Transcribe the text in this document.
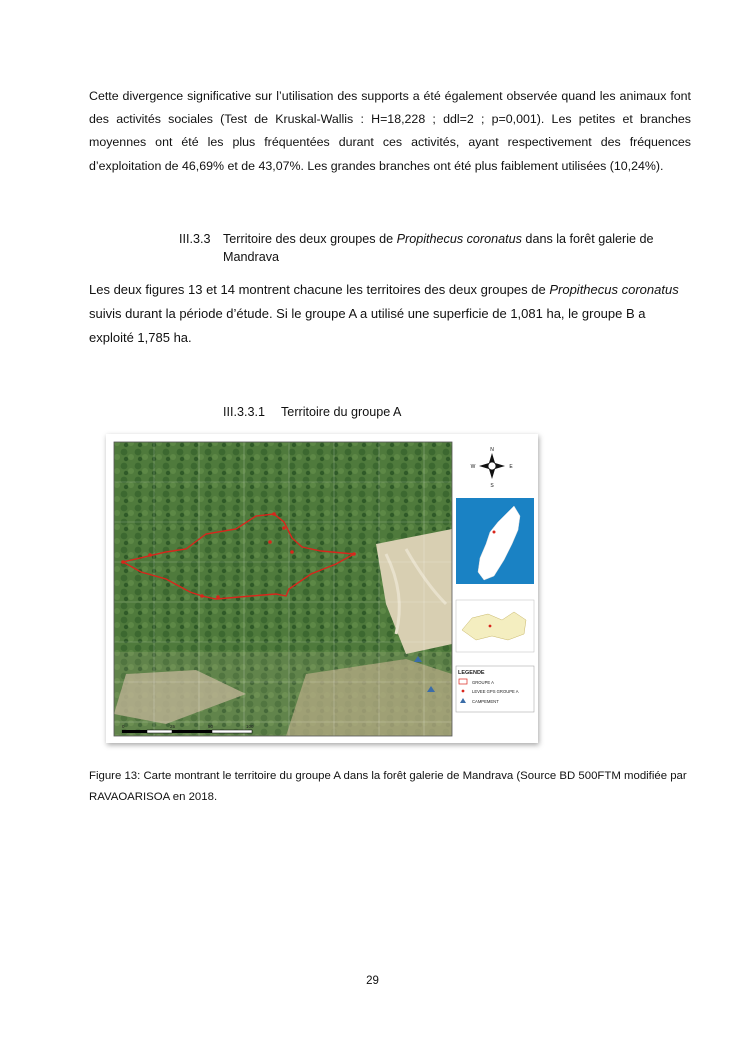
Cette divergence significative sur l’utilisation des supports a été également observée quand les animaux font des activités sociales (Test de Kruskal-Wallis : H=18,228 ; ddl=2 ; p=0,001). Les petites et branches moyennes ont été les plus fréquentées durant ces activités, ayant respectivement des fréquences d’exploitation de 46,69% et de 43,07%. Les grandes branches ont été plus faiblement utilisées (10,24%).
III.3.3 Territoire des deux groupes de Propithecus coronatus dans la forêt galerie de Mandrava
Les deux figures 13 et 14 montrent chacune les territoires des deux groupes de Propithecus coronatus suivis durant la période d’étude. Si le groupe A a utilisé une superficie de 1,081 ha, le groupe B a exploité 1,785 ha.
III.3.3.1 Territoire du groupe A
0	25	50	100
N
S
E
W
LEGENDE
GROUPE A
LEVEE GPS GROUPE A
CAMPEMENT
Figure 13: Carte montrant le territoire du groupe A dans la forêt galerie de Mandrava (Source BD 500FTM modifiée par RAVAOARISOA en 2018.
29
